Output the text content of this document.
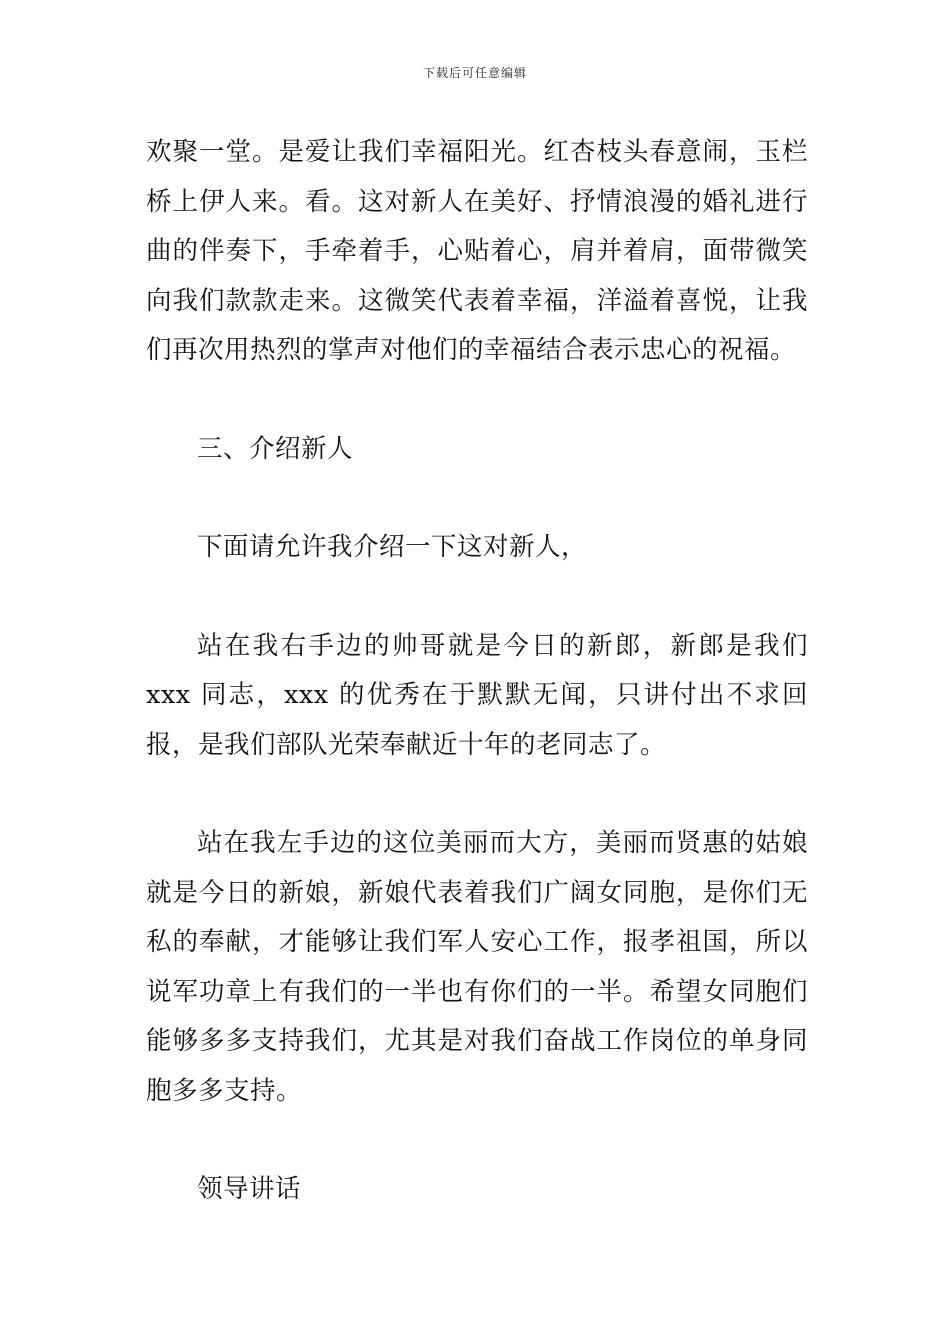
下载后可任意编辑

欢聚一堂。是爱让我们幸福阳光。红杏枝头春意闹，玉栏桥上伊人来。看。这对新人在美好、抒情浪漫的婚礼进行曲的伴奏下，手牵着手，心贴着心，肩并着肩，面带微笑向我们款款走来。这微笑代表着幸福，洋溢着喜悦，让我们再次用热烈的掌声对他们的幸福结合表示忠心的祝福。

三、介绍新人

下面请允许我介绍一下这对新人，

站在我右手边的帅哥就是今日的新郎，新郎是我们 xxx 同志，xxx 的优秀在于默默无闻，只讲付出不求回报，是我们部队光荣奉献近十年的老同志了。

站在我左手边的这位美丽而大方，美丽而贤惠的姑娘就是今日的新娘，新娘代表着我们广阔女同胞，是你们无私的奉献，才能够让我们军人安心工作，报孝祖国，所以说军功章上有我们的一半也有你们的一半。希望女同胞们能够多多支持我们，尤其是对我们奋战工作岗位的单身同胞多多支持。

领导讲话
